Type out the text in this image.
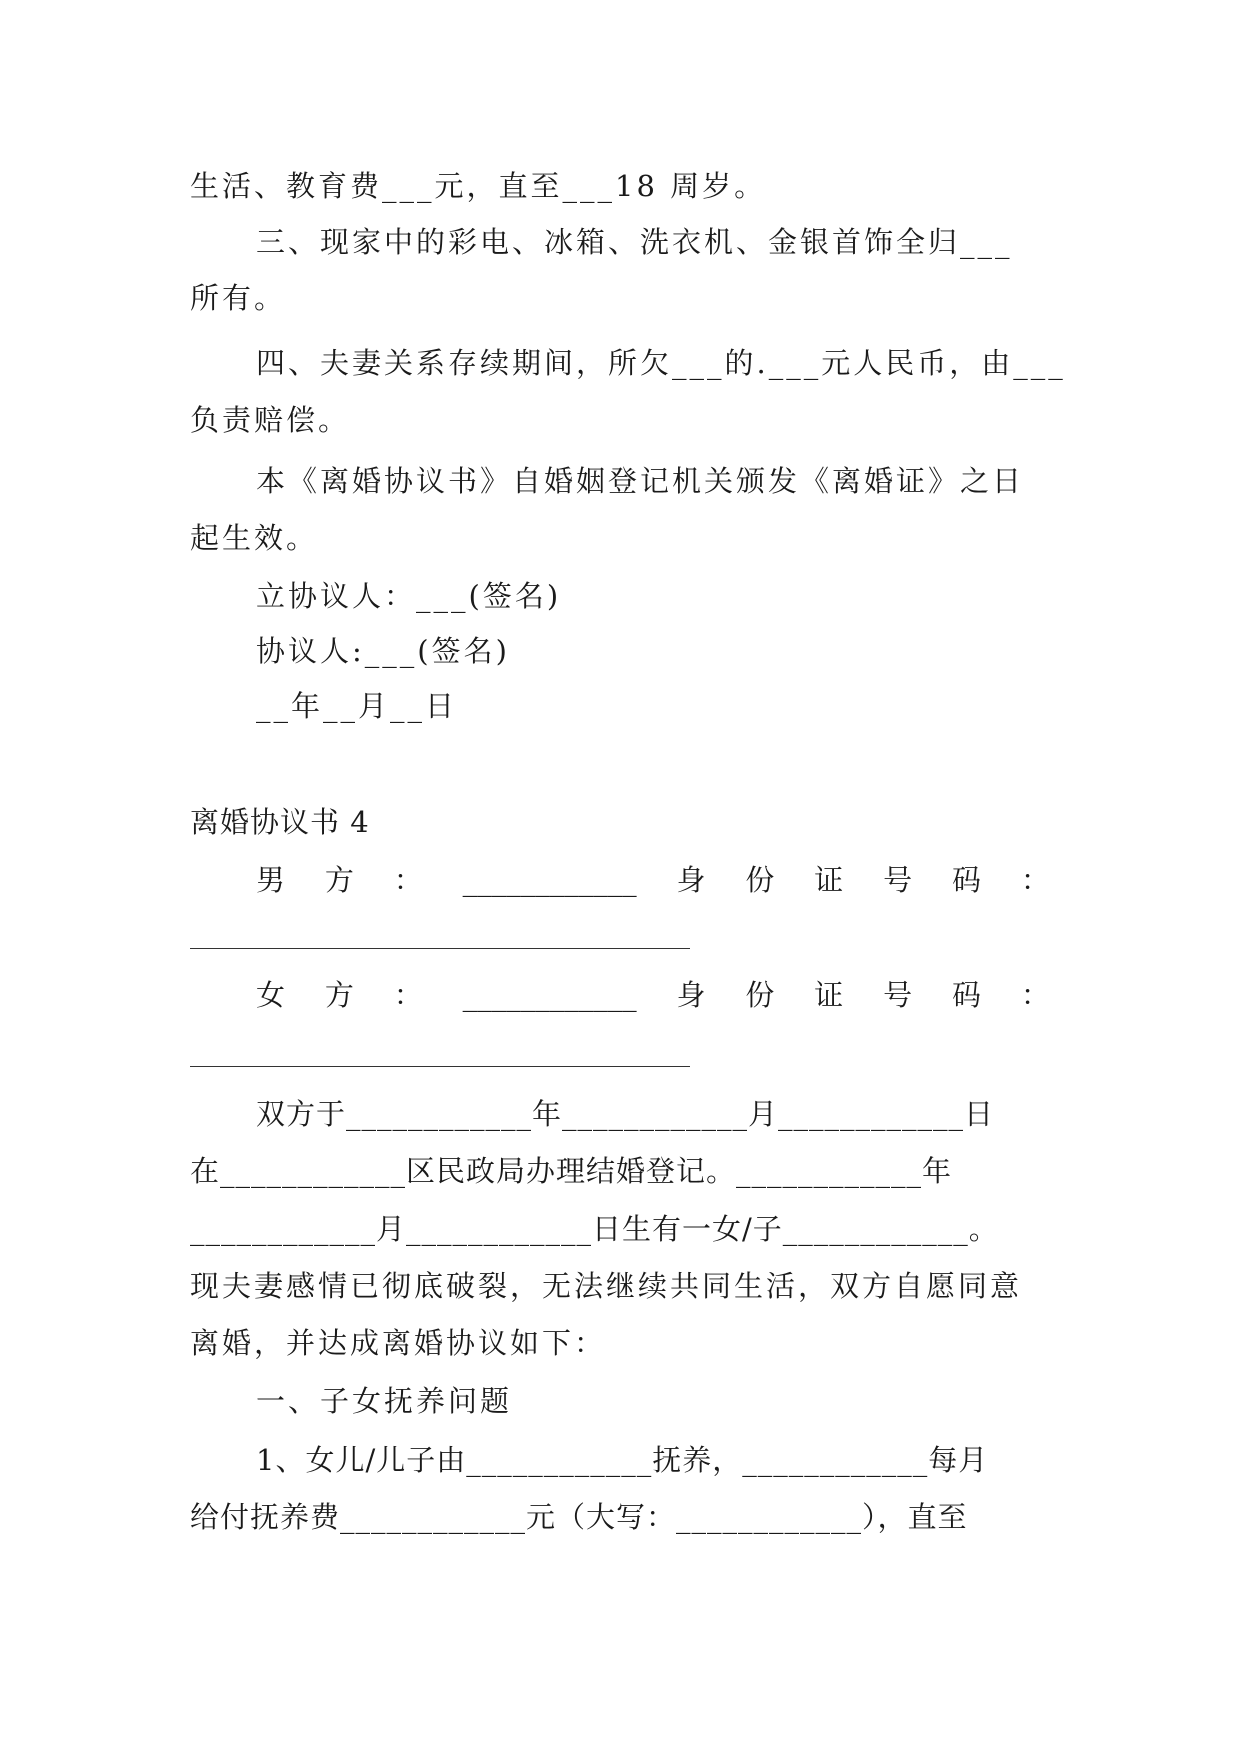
生活、教育费___元，直至___18 周岁。
三、现家中的彩电、冰箱、洗衣机、金银首饰全归___
所有。
四、夫妻关系存续期间，所欠___的.___元人民币，由___
负责赔偿。
本《离婚协议书》自婚姻登记机关颁发《离婚证》之日
起生效。
立协议人：___(签名)
协议人:___(签名)
__年__月__日
离婚协议书 4
男 方 ： ____________ 身 份 证 号 码 ：
女 方 ： ____________ 身 份 证 号 码 ：
双方于____________年____________月____________日
在____________区民政局办理结婚登记。____________年
____________月____________日生有一女/子____________。
现夫妻感情已彻底破裂，无法继续共同生活，双方自愿同意
离婚，并达成离婚协议如下：
一、子女抚养问题
1、女儿/儿子由____________抚养，____________每月
给付抚养费____________元（大写：____________），直至
